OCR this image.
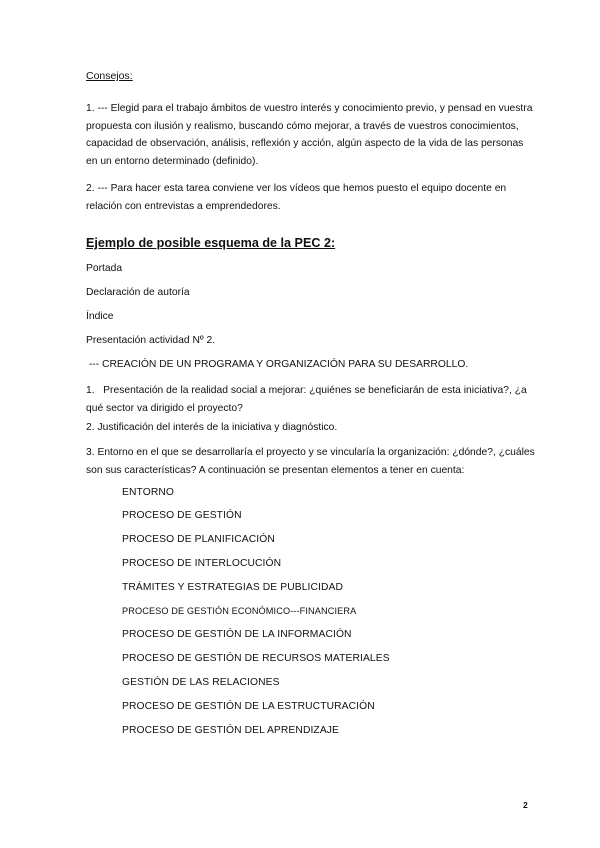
Consejos:
1. --- Elegid para el trabajo ámbitos de vuestro interés y conocimiento previo, y pensad en vuestra propuesta con ilusión y realismo, buscando cómo mejorar, a través de vuestros conocimientos, capacidad de observación, análisis, reflexión y acción, algún aspecto de la vida de las personas en un entorno determinado (definido).
2. --- Para hacer esta tarea conviene ver los vídeos que hemos puesto el equipo docente en relación con entrevistas a emprendedores.
Ejemplo de posible esquema de la PEC 2:
Portada
Declaración de autoría
Índice
Presentación actividad Nº 2.
--- CREACIÓN DE UN PROGRAMA Y ORGANIZACIÓN PARA SU DESARROLLO.
1.   Presentación de la realidad social a mejorar: ¿quiénes se beneficiarán de esta iniciativa?, ¿a qué sector va dirigido el proyecto?
2. Justificación del interés de la iniciativa y diagnóstico.
3. Entorno en el que se desarrollaría el proyecto y se vincularía la organización: ¿dónde?, ¿cuáles son sus características? A continuación se presentan elementos a tener en cuenta:
ENTORNO
PROCESO DE GESTIÓN
PROCESO DE PLANIFICACIÓN
PROCESO DE INTERLOCUCIÓN
TRÁMITES Y ESTRATEGIAS DE PUBLICIDAD
PROCESO DE GESTIÓN ECONÓMICO---FINANCIERA
PROCESO DE GESTIÓN DE LA INFORMACIÓN
PROCESO DE GESTIÓN DE RECURSOS MATERIALES
GESTIÓN DE LAS RELACIONES
PROCESO DE GESTIÓN DE LA ESTRUCTURACIÓN
PROCESO DE GESTIÓN DEL APRENDIZAJE
2
